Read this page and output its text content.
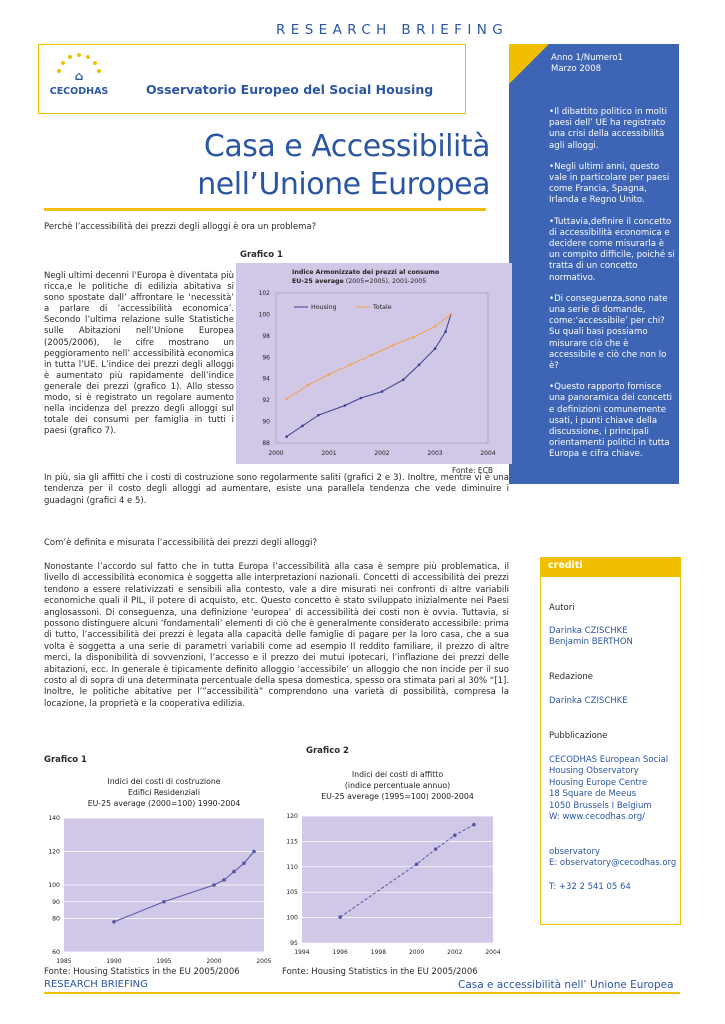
RESEARCH BRIEFING
⌂
CECODHAS	Osservatorio Europeo del Social Housing
Anno 1/Numero1
Marzo 2008

•Il dibattito politico in molti paesi dell’ UE ha registrato una crisi della accessibilità agli alloggi.

•Negli ultimi anni, questo vale in particolare per paesi come Francia, Spagna, Irlanda e Regno Unito.

•Tuttavia,definire il concetto di accessibilità economica e decidere come misurarla è un compito difficile, poiché si tratta di un concetto normativo.

•Di conseguenza,sono nate una serie di domande, come:‘accessibile’ per chi? Su quali basi possiamo misurare ciò che è accessibile e ciò che non lo è?

•Questo rapporto fornisce una panoramica dei concetti e definizioni comunemente usati, i punti chiave della discussione, i principali orientamenti politici in tutta Europa e cifra chiave.

Casa e Accessibilità
nell’Unione Europea
Perchè l’accessibilità dei prezzi degli alloggi è ora un problema?
Grafico 1
Negli ultimi decenni l’Europa è diventata più ricca,e le politiche di edilizia abitativa si sono spostate dall’ affrontare le ‘necessità’ a parlare di ’accessibilità economica’. Secondo l’ultima relazione sulle Statistiche sulle Abitazioni nell’Unione Europea (2005/2006), le cifre mostrano un peggioramento nell’ accessibilità economica in tutta l’UE. L’indice dei prezzi degli alloggi è aumentato più rapidamente dell’indice generale dei prezzi (grafico 1). Allo stesso modo, si è registrato un regolare aumento nella incidenza del prezzo degli alloggi sul totale dei consumi per famiglia in tutti i paesi (grafico 7).
Indice Armonizzato dei prezzi al consumo
EU-25 average (2005=2005), 2001-2005
88
90
92
94
96
98
100
102
2000	2001	2002	2003	2004
Housing	Totale
Fonte: ECB
In più, sia gli affitti che i costi di costruzione sono regolarmente saliti (grafici 2 e 3). Inoltre, mentre vi è una tendenza per il costo degli alloggi ad aumentare, esiste una parallela tendenza che vede diminuire i guadagni (grafici 4 e 5).
Com’è definita e misurata l’accessibilità dei prezzi degli alloggi?
Nonostante l’accordo sul fatto che in tutta Europa l’accessibilità alla casa è sempre più problematica, il livello di accessibilità economica è soggetta alle interpretazioni nazionali. Concetti di accessibilità dei prezzi tendono a essere relativizzati e sensibili alla contesto, vale a dire misurati nei confronti di altre variabili economiche quali il PIL, il potere di acquisto, etc. Questo concetto è stato sviluppato inizialmente nei Paesi anglosassoni. Di conseguenza, una definizione ‘europea’ di accessibilità dei costi non è ovvia. Tuttavia, si possono distinguere alcuni ‘fondamentali’ elementi di ciò che è generalmente considerato accessibile: prima di tutto, l’accessibilità dei prezzi è legata alla capacità delle famiglie di pagare per la loro casa, che a sua volta è soggetta a una serie di parametri variabili come ad esempio Il reddito familiare, il prezzo di altre merci, la disponibilità di sovvenzioni, l’accesso e il prezzo dei mutui ipotecari, l’inflazione dei prezzi delle abitazioni, ecc. In generale è tipicamente definito alloggio ‘accessibile’ un alloggio che non incide per il suo costo al di sopra di una determinata percentuale della spesa domestica, spesso ora stimata pari al 30% “[1]. Inoltre, le politiche abitative per l’”accessibilità” comprendono una varietà di possibilità, compresa la locazione, la proprietà e la cooperativa edilizia.
crediti
Autori
Darinka CZISCHKE
Benjamin BERTHON
Redazione
Darinka CZISCHKE
Pubblicazione
CECODHAS European Social
Housing Observatory
Housing Europe Centre
18 Square de Meeus
1050 Brussels I Belgium
W: www.cecodhas.org/
observatory
E: observatory@cecodhas.org
T: +32 2 541 05 64
Grafico 2
Grafico 1
Indici dei costi di costruzione
Edifici Residenziali
EU-25 average (2000=100) 1990-2004
60
80
90
100
120
140
1985	1990	1995	2000	2005
Indici dei costi di affitto
(indice percentuale annuo)
EU-25 average (1995=100) 2000-2004
95
100
105
110
115
120
1994	1996	1998	2000	2002	2004
Fonte: Housing Statistics in the EU 2005/2006	Fonte: Housing Statistics in the EU 2005/2006
RESEARCH BRIEFING	Casa e accessibilità nell’ Unione Europea
